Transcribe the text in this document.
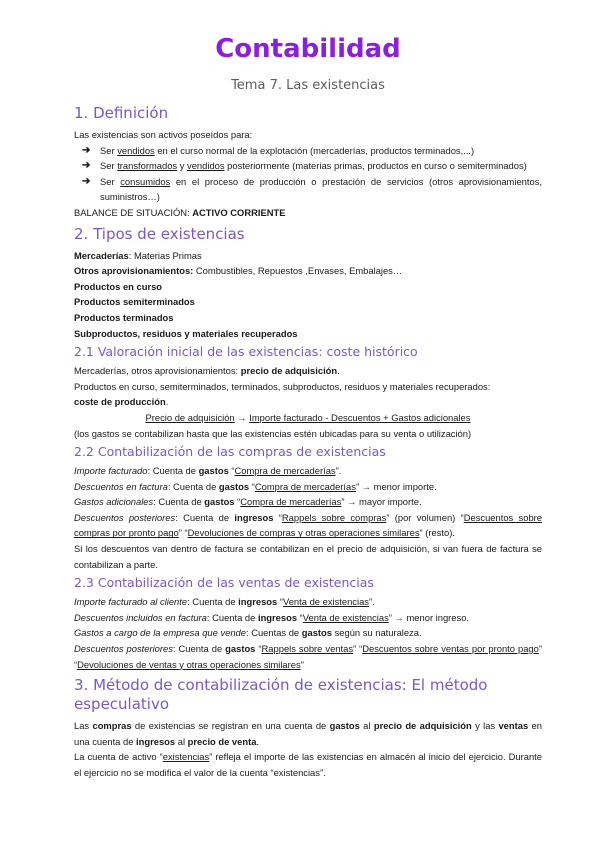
Contabilidad
Tema 7. Las existencias
1. Definición

Las existencias son activos poseídos para:

➔ Ser vendidos en el curso normal de la explotación (mercaderías, productos terminados,...)
➔ Ser transformados y vendidos posteriormente (materias primas, productos en curso o semiterminados)
➔ Ser consumidos en el proceso de producción o prestación de servicios (otros aprovisionamientos, suministros…)

BALANCE DE SITUACIÓN: ACTIVO CORRIENTE

2. Tipos de existencias

Mercaderías: Materias Primas

Otros aprovisionamientos: Combustibles, Repuestos ,Envases, Embalajes…

Productos en curso

Productos semiterminados

Productos terminados

Subproductos, residuos y materiales recuperados

2.1 Valoración inicial de las existencias: coste histórico

Mercaderías, otros aprovisionamientos: precio de adquisición.

Productos en curso, semiterminados, terminados, subproductos, residuos y materiales recuperados:

coste de producción.

Precio de adquisición → Importe facturado - Descuentos + Gastos adicionales

(los gastos se contabilizan hasta que las existencias estén ubicadas para su venta o utilización)

2.2 Contabilización de las compras de existencias

Importe facturado: Cuenta de gastos “Compra de mercaderías”.

Descuentos en factura: Cuenta de gastos “Compra de mercaderías” → menor importe.

Gastos adicionales: Cuenta de gastos “Compra de mercaderías” → mayor importe.

Descuentos posteriores: Cuenta de ingresos “Rappels sobre compras” (por volumen) “Descuentos sobre compras por pronto pago” “Devoluciones de compras y otras operaciones similares” (resto).

Si los descuentos van dentro de factura se contabilizan en el precio de adquisición, si van fuera de factura se contabilizan a parte.

2.3 Contabilización de las ventas de existencias

Importe facturado al cliente: Cuenta de ingresos “Venta de existencias”.

Descuentos incluidos en factura: Cuenta de ingresos “Venta de existencias” → menor ingreso.

Gastos a cargo de la empresa que vende: Cuentas de gastos según su naturaleza.

Descuentos posteriores: Cuenta de gastos “Rappels sobre ventas” “Descuentos sobre ventas por pronto pago” “Devoluciones de ventas y otras operaciones similares”

3. Método de contabilización de existencias: El método especulativo

Las compras de existencias se registran en una cuenta de gastos al precio de adquisición y las ventas en una cuenta de ingresos al precio de venta.

La cuenta de activo “existencias” refleja el importe de las existencias en almacén al inicio del ejercicio. Durante el ejercicio no se modifica el valor de la cuenta “existencias”.
